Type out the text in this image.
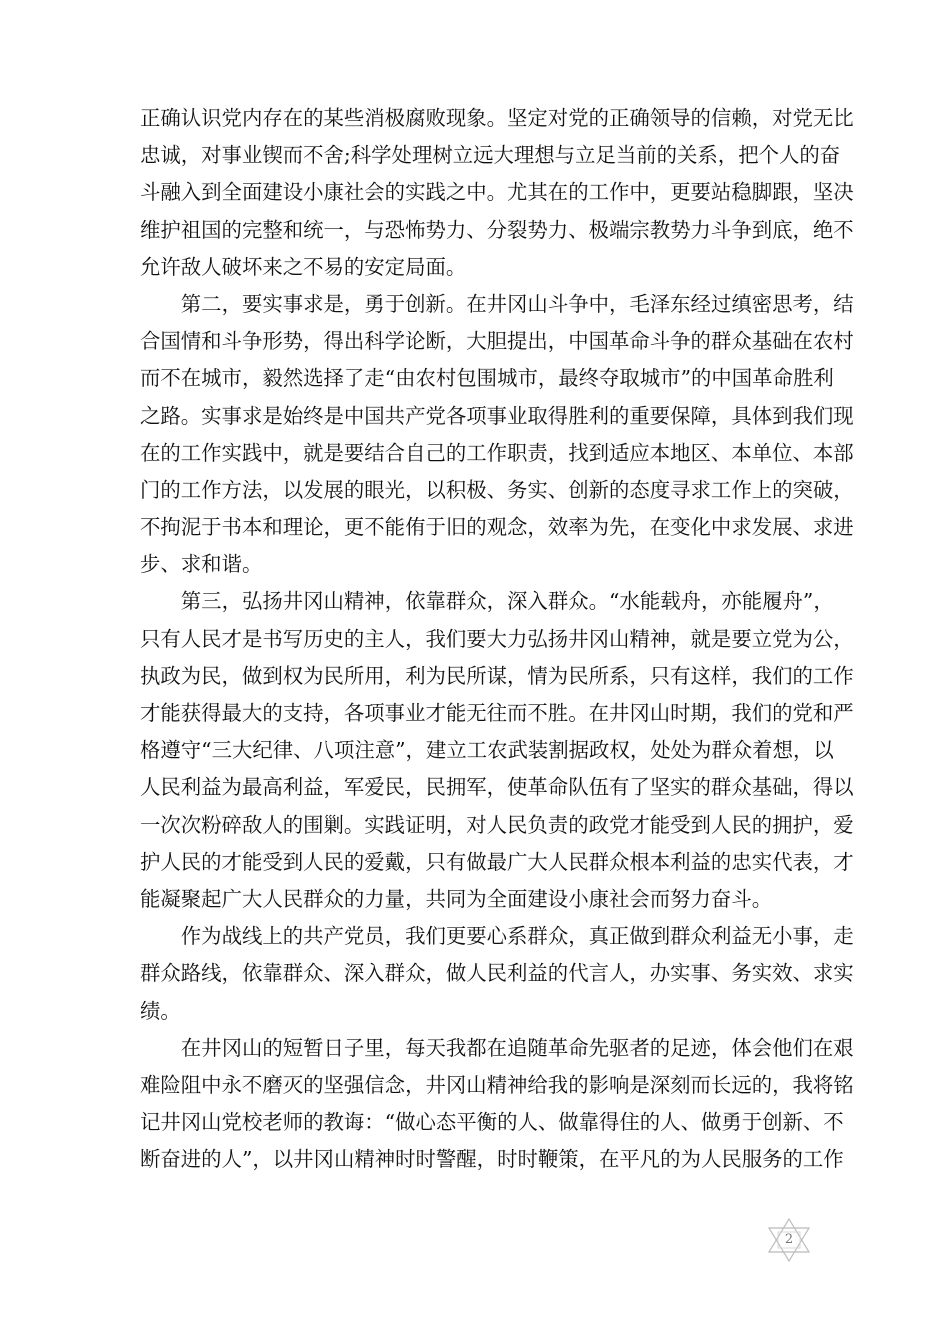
正确认识党内存在的某些消极腐败现象。坚定对党的正确领导的信赖，对党无比
忠诚，对事业锲而不舍;科学处理树立远大理想与立足当前的关系，把个人的奋
斗融入到全面建设小康社会的实践之中。尤其在的工作中，更要站稳脚跟，坚决
维护祖国的完整和统一，与恐怖势力、分裂势力、极端宗教势力斗争到底，绝不
允许敌人破坏来之不易的安定局面。
第二，要实事求是，勇于创新。在井冈山斗争中，毛泽东经过缜密思考，结
合国情和斗争形势，得出科学论断，大胆提出，中国革命斗争的群众基础在农村
而不在城市，毅然选择了走“由农村包围城市，最终夺取城市”的中国革命胜利
之路。实事求是始终是中国共产党各项事业取得胜利的重要保障，具体到我们现
在的工作实践中，就是要结合自己的工作职责，找到适应本地区、本单位、本部
门的工作方法，以发展的眼光，以积极、务实、创新的态度寻求工作上的突破，
不拘泥于书本和理论，更不能侑于旧的观念，效率为先，在变化中求发展、求进
步、求和谐。
第三，弘扬井冈山精神，依靠群众，深入群众。“水能载舟，亦能履舟”，
只有人民才是书写历史的主人，我们要大力弘扬井冈山精神，就是要立党为公，
执政为民，做到权为民所用，利为民所谋，情为民所系，只有这样，我们的工作
才能获得最大的支持，各项事业才能无往而不胜。在井冈山时期，我们的党和严
格遵守“三大纪律、八项注意”，建立工农武装割据政权，处处为群众着想，以
人民利益为最高利益，军爱民，民拥军，使革命队伍有了坚实的群众基础，得以
一次次粉碎敌人的围剿。实践证明，对人民负责的政党才能受到人民的拥护，爱
护人民的才能受到人民的爱戴，只有做最广大人民群众根本利益的忠实代表，才
能凝聚起广大人民群众的力量，共同为全面建设小康社会而努力奋斗。
作为战线上的共产党员，我们更要心系群众，真正做到群众利益无小事，走
群众路线，依靠群众、深入群众，做人民利益的代言人，办实事、务实效、求实
绩。
在井冈山的短暂日子里，每天我都在追随革命先驱者的足迹，体会他们在艰
难险阻中永不磨灭的坚强信念，井冈山精神给我的影响是深刻而长远的，我将铭
记井冈山党校老师的教诲：“做心态平衡的人、做靠得住的人、做勇于创新、不
断奋进的人”，以井冈山精神时时警醒，时时鞭策，在平凡的为人民服务的工作
2
